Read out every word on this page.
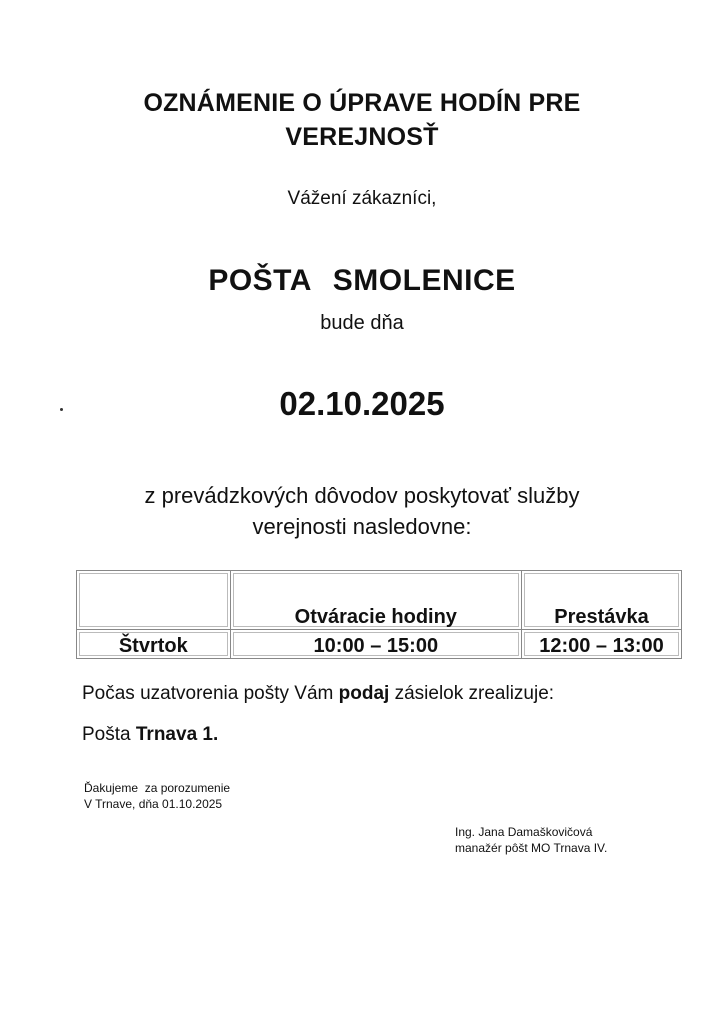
OZNÁMENIE O ÚPRAVE HODÍN PRE
VEREJNOSŤ
Vážení zákazníci,
POŠTA SMOLENICE
bude dňa
02.10.2025
z prevádzkových dôvodov poskytovať služby
verejnosti nasledovne:
	Otváracie hodiny	Prestávka
Štvrtok	10:00 – 15:00	12:00 – 13:00
Počas uzatvorenia pošty Vám podaj zásielok zrealizuje:
Pošta Trnava 1.
Ďakujeme  za porozumenie
V Trnave, dňa 01.10.2025
Ing. Jana Damaškovičová
manažér pôšt MO Trnava IV.
